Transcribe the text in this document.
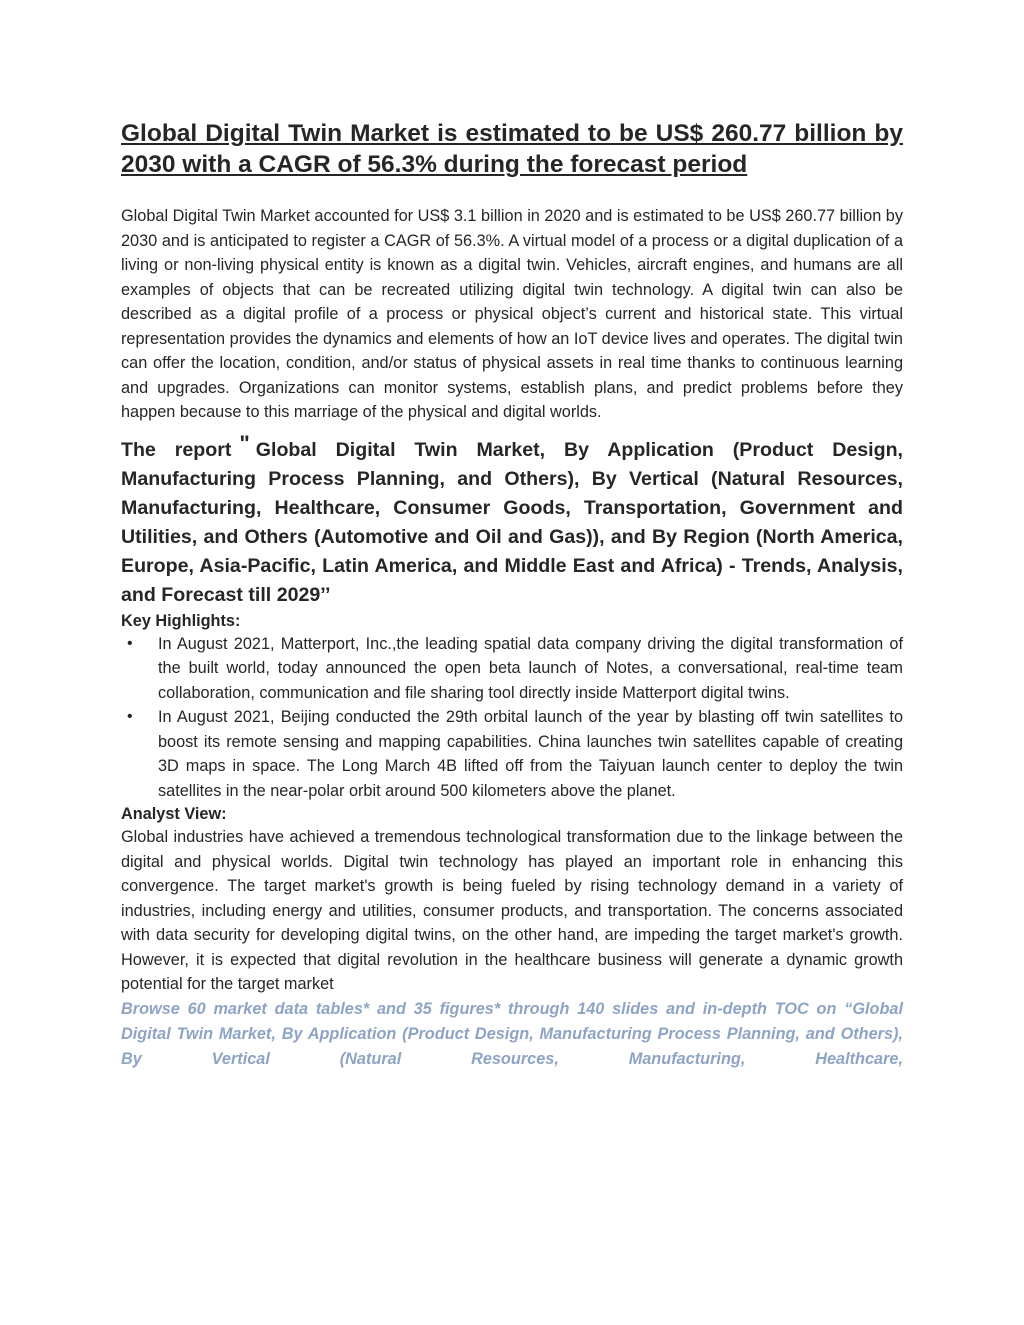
Global Digital Twin Market is estimated to be US$ 260.77 billion by 2030 with a CAGR of 56.3% during the forecast period

Global Digital Twin Market accounted for US$ 3.1 billion in 2020 and is estimated to be US$ 260.77 billion by 2030 and is anticipated to register a CAGR of 56.3%. A virtual model of a process or a digital duplication of a living or non-living physical entity is known as a digital twin. Vehicles, aircraft engines, and humans are all examples of objects that can be recreated utilizing digital twin technology. A digital twin can also be described as a digital profile of a process or physical object’s current and historical state. This virtual representation provides the dynamics and elements of how an IoT device lives and operates. The digital twin can offer the location, condition, and/or status of physical assets in real time thanks to continuous learning and upgrades. Organizations can monitor systems, establish plans, and predict problems before they happen because to this marriage of the physical and digital worlds.

The report " Global Digital Twin Market, By Application (Product Design, Manufacturing Process Planning, and Others), By Vertical (Natural Resources, Manufacturing, Healthcare, Consumer Goods, Transportation, Government and Utilities, and Others (Automotive and Oil and Gas)), and By Region (North America, Europe, Asia-Pacific, Latin America, and Middle East and Africa) - Trends, Analysis, and Forecast till 2029’’

Key Highlights:
• In August 2021, Matterport, Inc.,the leading spatial data company driving the digital transformation of the built world, today announced the open beta launch of Notes, a conversational, real-time team collaboration, communication and file sharing tool directly inside Matterport digital twins.

• In August 2021, Beijing conducted the 29th orbital launch of the year by blasting off twin satellites to boost its remote sensing and mapping capabilities. China launches twin satellites capable of creating 3D maps in space. The Long March 4B lifted off from the Taiyuan launch center to deploy the twin satellites in the near-polar orbit around 500 kilometers above the planet.

Analyst View:

Global industries have achieved a tremendous technological transformation due to the linkage between the digital and physical worlds. Digital twin technology has played an important role in enhancing this convergence. The target market's growth is being fueled by rising technology demand in a variety of industries, including energy and utilities, consumer products, and transportation. The concerns associated with data security for developing digital twins, on the other hand, are impeding the target market's growth. However, it is expected that digital revolution in the healthcare business will generate a dynamic growth potential for the target market

Browse 60 market data tables* and 35 figures* through 140 slides and in-depth TOC on “Global Digital Twin Market, By Application (Product Design, Manufacturing Process Planning, and Others), By Vertical (Natural Resources, Manufacturing, Healthcare,
